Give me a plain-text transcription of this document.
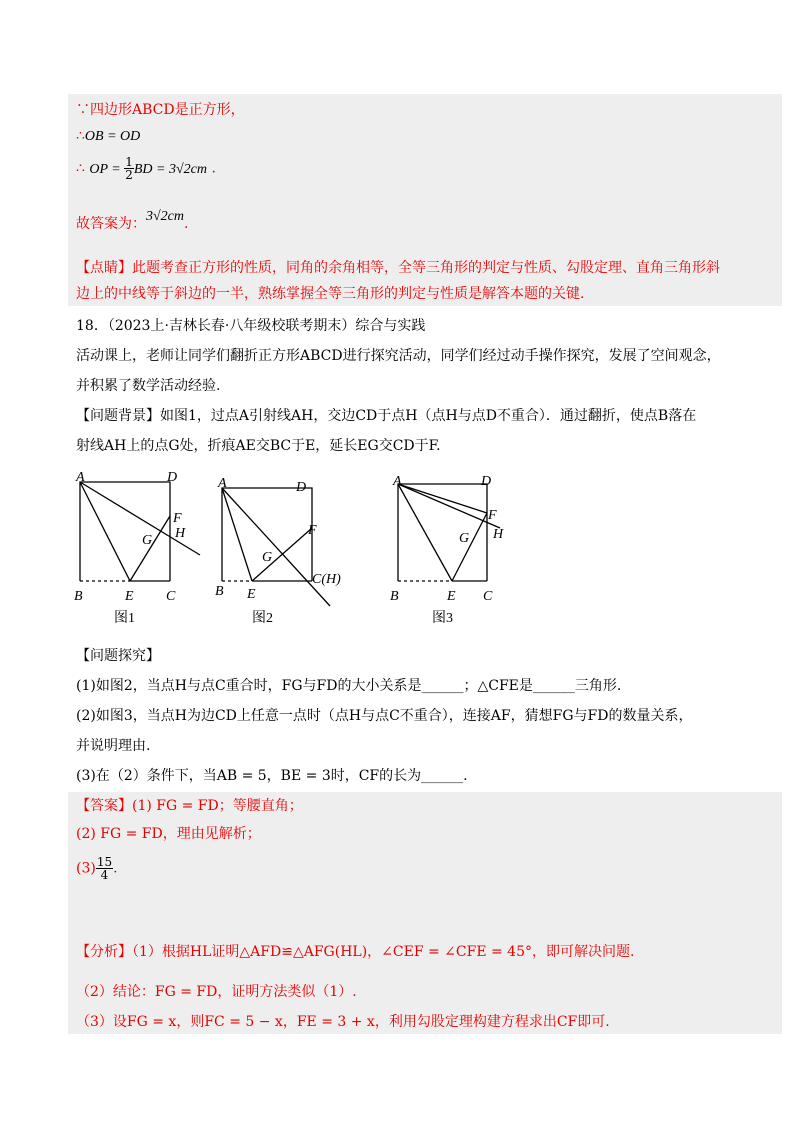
∵四边形ABCD是正方形，
∴OB = OD
∴ OP = $\frac{1}{2}$ BD = 3√2cm .
故答案为：3√2cm.
【点睛】此题考查正方形的性质，同角的余角相等，全等三角形的判定与性质、勾股定理、直角三角形斜
边上的中线等于斜边的一半，熟练掌握全等三角形的判定与性质是解答本题的关键.
18．（2023上·吉林长春·八年级校联考期末）综合与实践
活动课上，老师让同学们翻折正方形ABCD进行探究活动，同学们经过动手操作探究，发展了空间观念，
并积累了数学活动经验.
【问题背景】如图1，过点A引射线AH，交边CD于点H（点H与点D不重合）．通过翻折，使点B落在
射线AH上的点G处，折痕AE交BC于E，延长EG交CD于F.
A	D
F
G H
B	E C
A	D
F
G
C(H)
B E
A	D
F
G H
B	E C
图1	图2	图3
【问题探究】
(1)如图2，当点H与点C重合时，FG与FD的大小关系是______；△CFE是______三角形.
(2)如图3，当点H为边CD上任意一点时（点H与点C不重合），连接AF，猜想FG与FD的数量关系，
并说明理由.
(3)在（2）条件下，当AB = 5，BE = 3时，CF的长为______.
【答案】(1) FG = FD；等腰直角；
(2) FG = FD，理由见解析；
$(3) \frac{15}{4}$ .
【分析】（1）根据HL证明△AFD≌△AFG(HL)，∠CEF = ∠CFE = 45°，即可解决问题.
（2）结论：FG = FD，证明方法类似（1）.
（3）设FG = x，则FC = 5 − x，FE = 3 + x，利用勾股定理构建方程求出CF即可.
